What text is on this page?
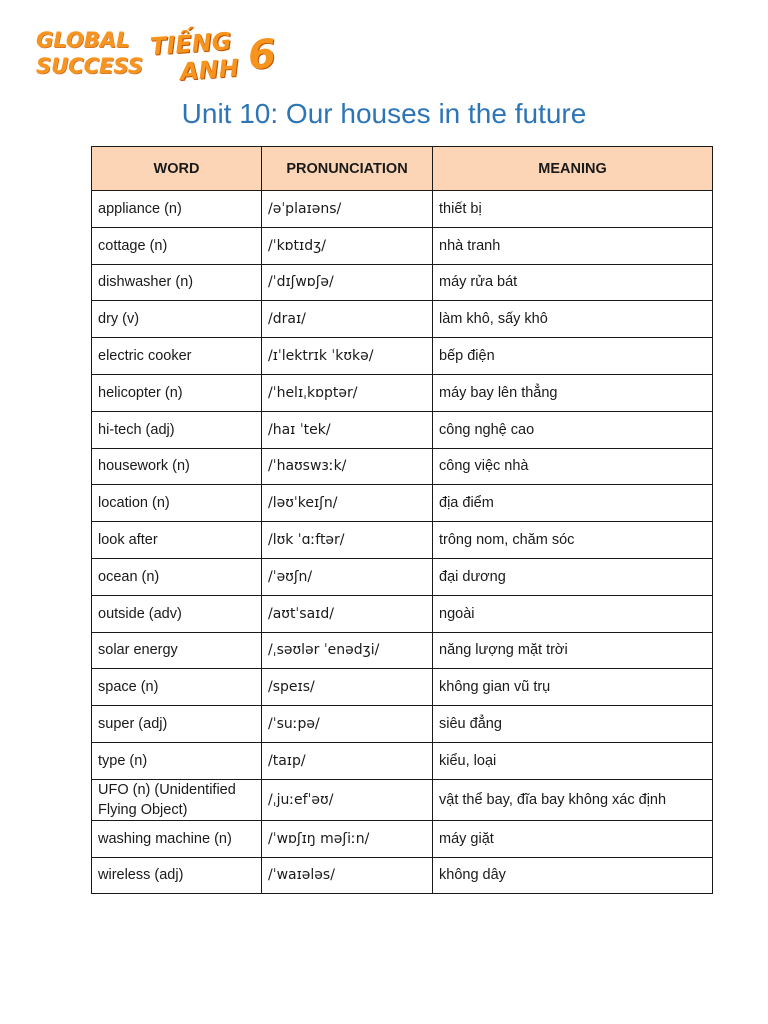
GLOBAL
SUCCESS
TIẾNG
ANH 6
Unit 10: Our houses in the future
WORD	PRONUNCIATION	MEANING
appliance (n)	/əˈplaɪəns/	thiết bị
cottage (n)	/ˈkɒtɪdʒ/	nhà tranh
dishwasher (n)	/ˈdɪʃwɒʃə/	máy rửa bát
dry (v)	/draɪ/	làm khô, sấy khô
electric cooker	/ɪˈlektrɪk ˈkʊkə/	bếp điện
helicopter (n)	/ˈhelɪˌkɒptər/	máy bay lên thẳng
hi-tech (adj)	/haɪ ˈtek/	công nghệ cao
housework (n)	/ˈhaʊswɜːk/	công việc nhà
location (n)	/ləʊˈkeɪʃn/	địa điểm
look after	/lʊk ˈɑːftər/	trông nom, chăm sóc
ocean (n)	/ˈəʊʃn/	đại dương
outside (adv)	/aʊtˈsaɪd/	ngoài
solar energy	/ˌsəʊlər ˈenədʒi/	năng lượng mặt trời
space (n)	/speɪs/	không gian vũ trụ
super (adj)	/ˈsuːpə/	siêu đẳng
type (n)	/taɪp/	kiểu, loại
UFO (n) (Unidentified Flying Object)	/ˌjuːefˈəʊ/	vật thể bay, đĩa bay không xác định
washing machine (n)	/ˈwɒʃɪŋ məʃiːn/	máy giặt
wireless (adj)	/ˈwaɪələs/	không dây
